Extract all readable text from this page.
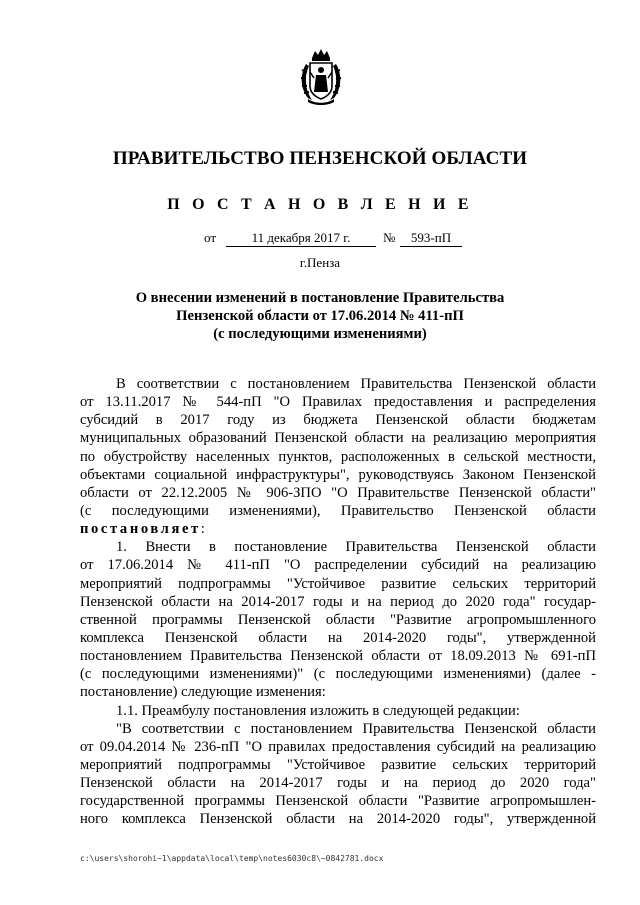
ПРАВИТЕЛЬСТВО ПЕНЗЕНСКОЙ ОБЛАСТИ
П О С Т А Н О В Л Е Н И Е
от	11 декабря 2017 г.	№	593-пП
г.Пенза
О внесении изменений в постановление Правительства
Пензенской области от 17.06.2014 № 411-пП
(с последующими изменениями)
В соответствии с постановлением Правительства Пензенской области
от 13.11.2017 № 544-пП "О Правилах предоставления и распределения
субсидий в 2017 году из бюджета Пензенской области бюджетам
муниципальных образований Пензенской области на реализацию мероприятия
по обустройству населенных пунктов, расположенных в сельской местности,
объектами социальной инфраструктуры", руководствуясь Законом Пензенской
области от 22.12.2005 № 906-ЗПО "О Правительстве Пензенской области"
(с последующими изменениями), Правительство Пензенской области
постановляет:
1. Внести в постановление Правительства Пензенской области
от 17.06.2014 № 411-пП "О распределении субсидий на реализацию
мероприятий подпрограммы "Устойчивое развитие сельских территорий
Пензенской области на 2014-2017 годы и на период до 2020 года" государ-
ственной программы Пензенской области "Развитие агропромышленного
комплекса Пензенской области на 2014-2020 годы", утвержденной
постановлением Правительства Пензенской области от 18.09.2013 № 691-пП
(с последующими изменениями)" (с последующими изменениями) (далее -
постановление) следующие изменения:
1.1. Преамбулу постановления изложить в следующей редакции:
"В соответствии с постановлением Правительства Пензенской области
от 09.04.2014 № 236-пП "О правилах предоставления субсидий на реализацию
мероприятий подпрограммы "Устойчивое развитие сельских территорий
Пензенской области на 2014-2017 годы и на период до 2020 года"
государственной программы Пензенской области "Развитие агропромышлен-
ного комплекса Пензенской области на 2014-2020 годы", утвержденной
c:\users\shorohi~1\appdata\local\temp\notes6030c8\~0842781.docx
